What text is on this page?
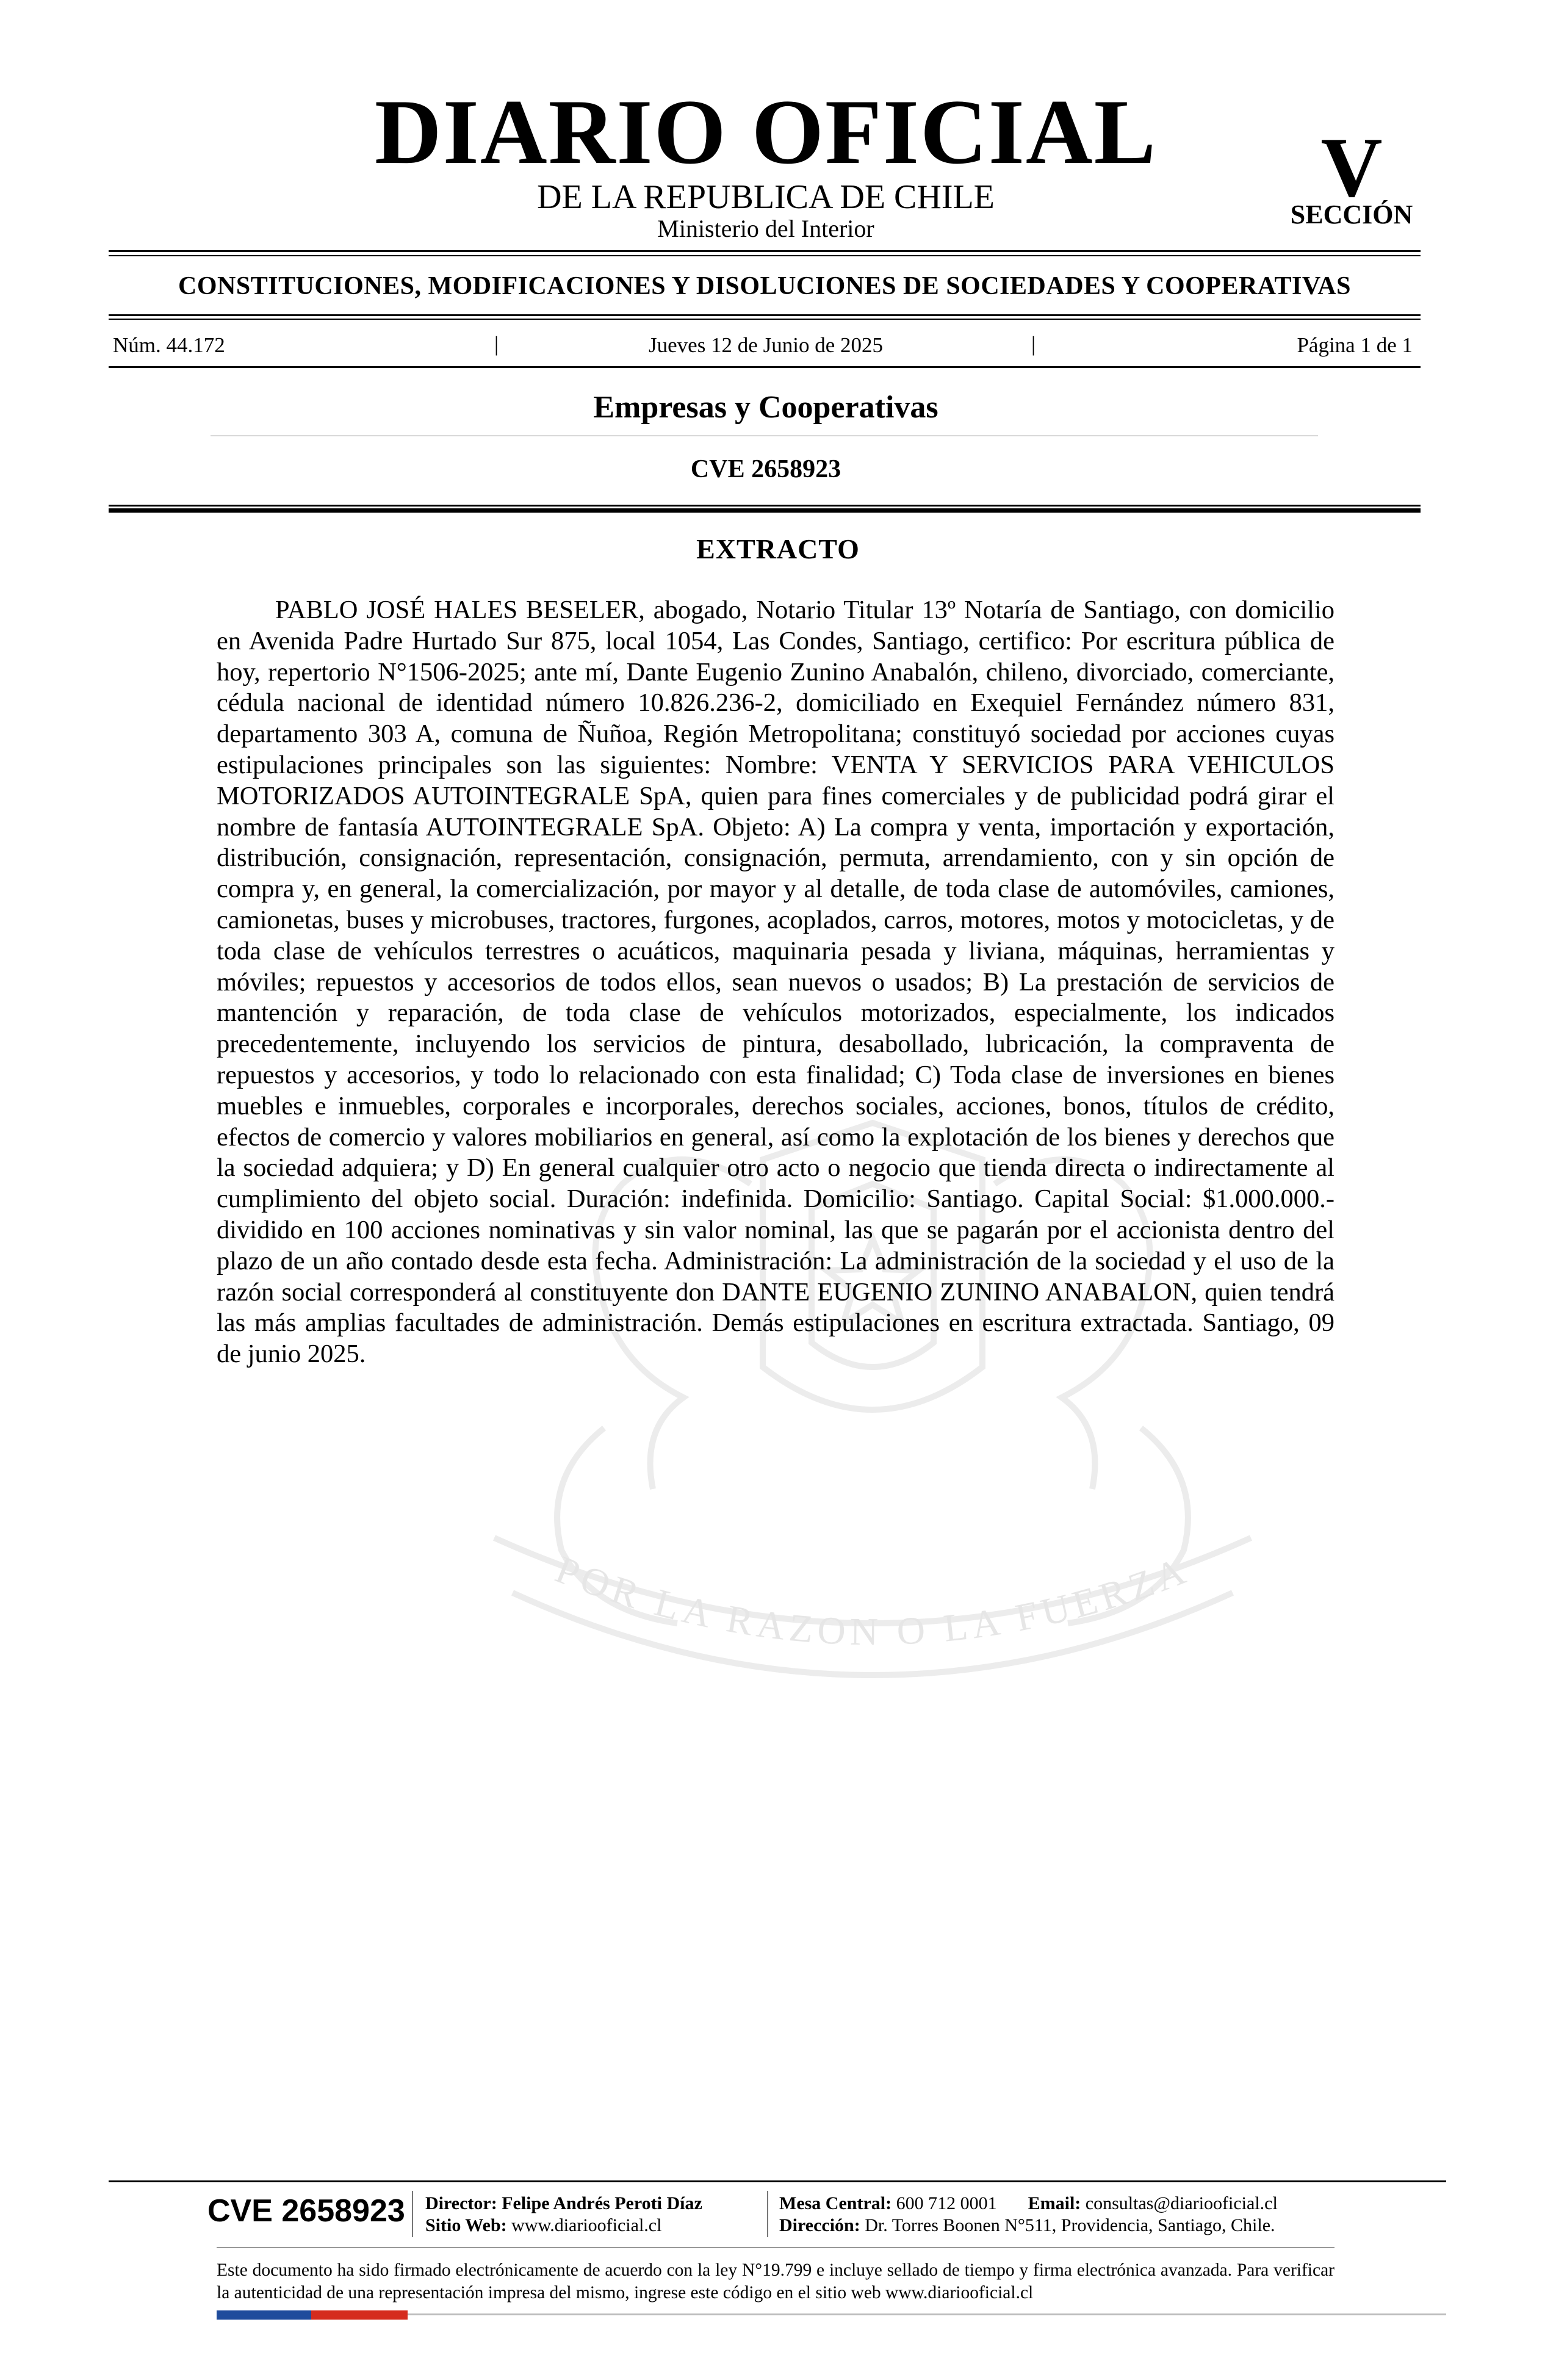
DIARIO OFICIAL
DE LA REPUBLICA DE CHILE
Ministerio del Interior
V
SECCIÓN
CONSTITUCIONES, MODIFICACIONES Y DISOLUCIONES DE SOCIEDADES Y COOPERATIVAS
Núm. 44.172	|	Jueves 12 de Junio de 2025	|	Página 1 de 1
Empresas y Cooperativas
CVE 2658923
POR LA RAZON O LA FUERZA
EXTRACTO

PABLO JOSÉ HALES BESELER, abogado, Notario Titular 13º Notaría de Santiago, con domicilio en Avenida Padre Hurtado Sur 875, local 1054, Las Condes, Santiago, certifico: Por escritura pública de hoy, repertorio N°1506-2025; ante mí, Dante Eugenio Zunino Anabalón, chileno, divorciado, comerciante, cédula nacional de identidad número 10.826.236-2, domiciliado en Exequiel Fernández número 831, departamento 303 A, comuna de Ñuñoa, Región Metropolitana; constituyó sociedad por acciones cuyas estipulaciones principales son las siguientes: Nombre: VENTA Y SERVICIOS PARA VEHICULOS MOTORIZADOS AUTOINTEGRALE SpA, quien para fines comerciales y de publicidad podrá girar el nombre de fantasía AUTOINTEGRALE SpA. Objeto: A) La compra y venta, importación y exportación, distribución, consignación, representación, consignación, permuta, arrendamiento, con y sin opción de compra y, en general, la comercialización, por mayor y al detalle, de toda clase de automóviles, camiones, camionetas, buses y microbuses, tractores, furgones, acoplados, carros, motores, motos y motocicletas, y de toda clase de vehículos terrestres o acuáticos, maquinaria pesada y liviana, máquinas, herramientas y móviles; repuestos y accesorios de todos ellos, sean nuevos o usados; B) La prestación de servicios de mantención y reparación, de toda clase de vehículos motorizados, especialmente, los indicados precedentemente, incluyendo los servicios de pintura, desabollado, lubricación, la compraventa de repuestos y accesorios, y todo lo relacionado con esta finalidad; C) Toda clase de inversiones en bienes muebles e inmuebles, corporales e incorporales, derechos sociales, acciones, bonos, títulos de crédito, efectos de comercio y valores mobiliarios en general, así como la explotación de los bienes y derechos que la sociedad adquiera; y D) En general cualquier otro acto o negocio que tienda directa o indirectamente al cumplimiento del objeto social. Duración: indefinida. Domicilio: Santiago. Capital Social: $1.000.000.- dividido en 100 acciones nominativas y sin valor nominal, las que se pagarán por el accionista dentro del plazo de un año contado desde esta fecha. Administración: La administración de la sociedad y el uso de la razón social corresponderá al constituyente don DANTE EUGENIO ZUNINO ANABALON, quien tendrá las más amplias facultades de administración. Demás estipulaciones en escritura extractada. Santiago, 09 de junio 2025.

CVE 2658923 Director: Felipe Andrés Peroti Díaz
Sitio Web: www.diariooficial.cl
Mesa Central: 600 712 0001 Email: consultas@diariooficial.cl
Dirección: Dr. Torres Boonen N°511, Providencia, Santiago, Chile.

Este documento ha sido firmado electrónicamente de acuerdo con la ley N°19.799 e incluye sellado de tiempo y firma electrónica avanzada. Para verificar la autenticidad de una representación impresa del mismo, ingrese este código en el sitio web www.diariooficial.cl
